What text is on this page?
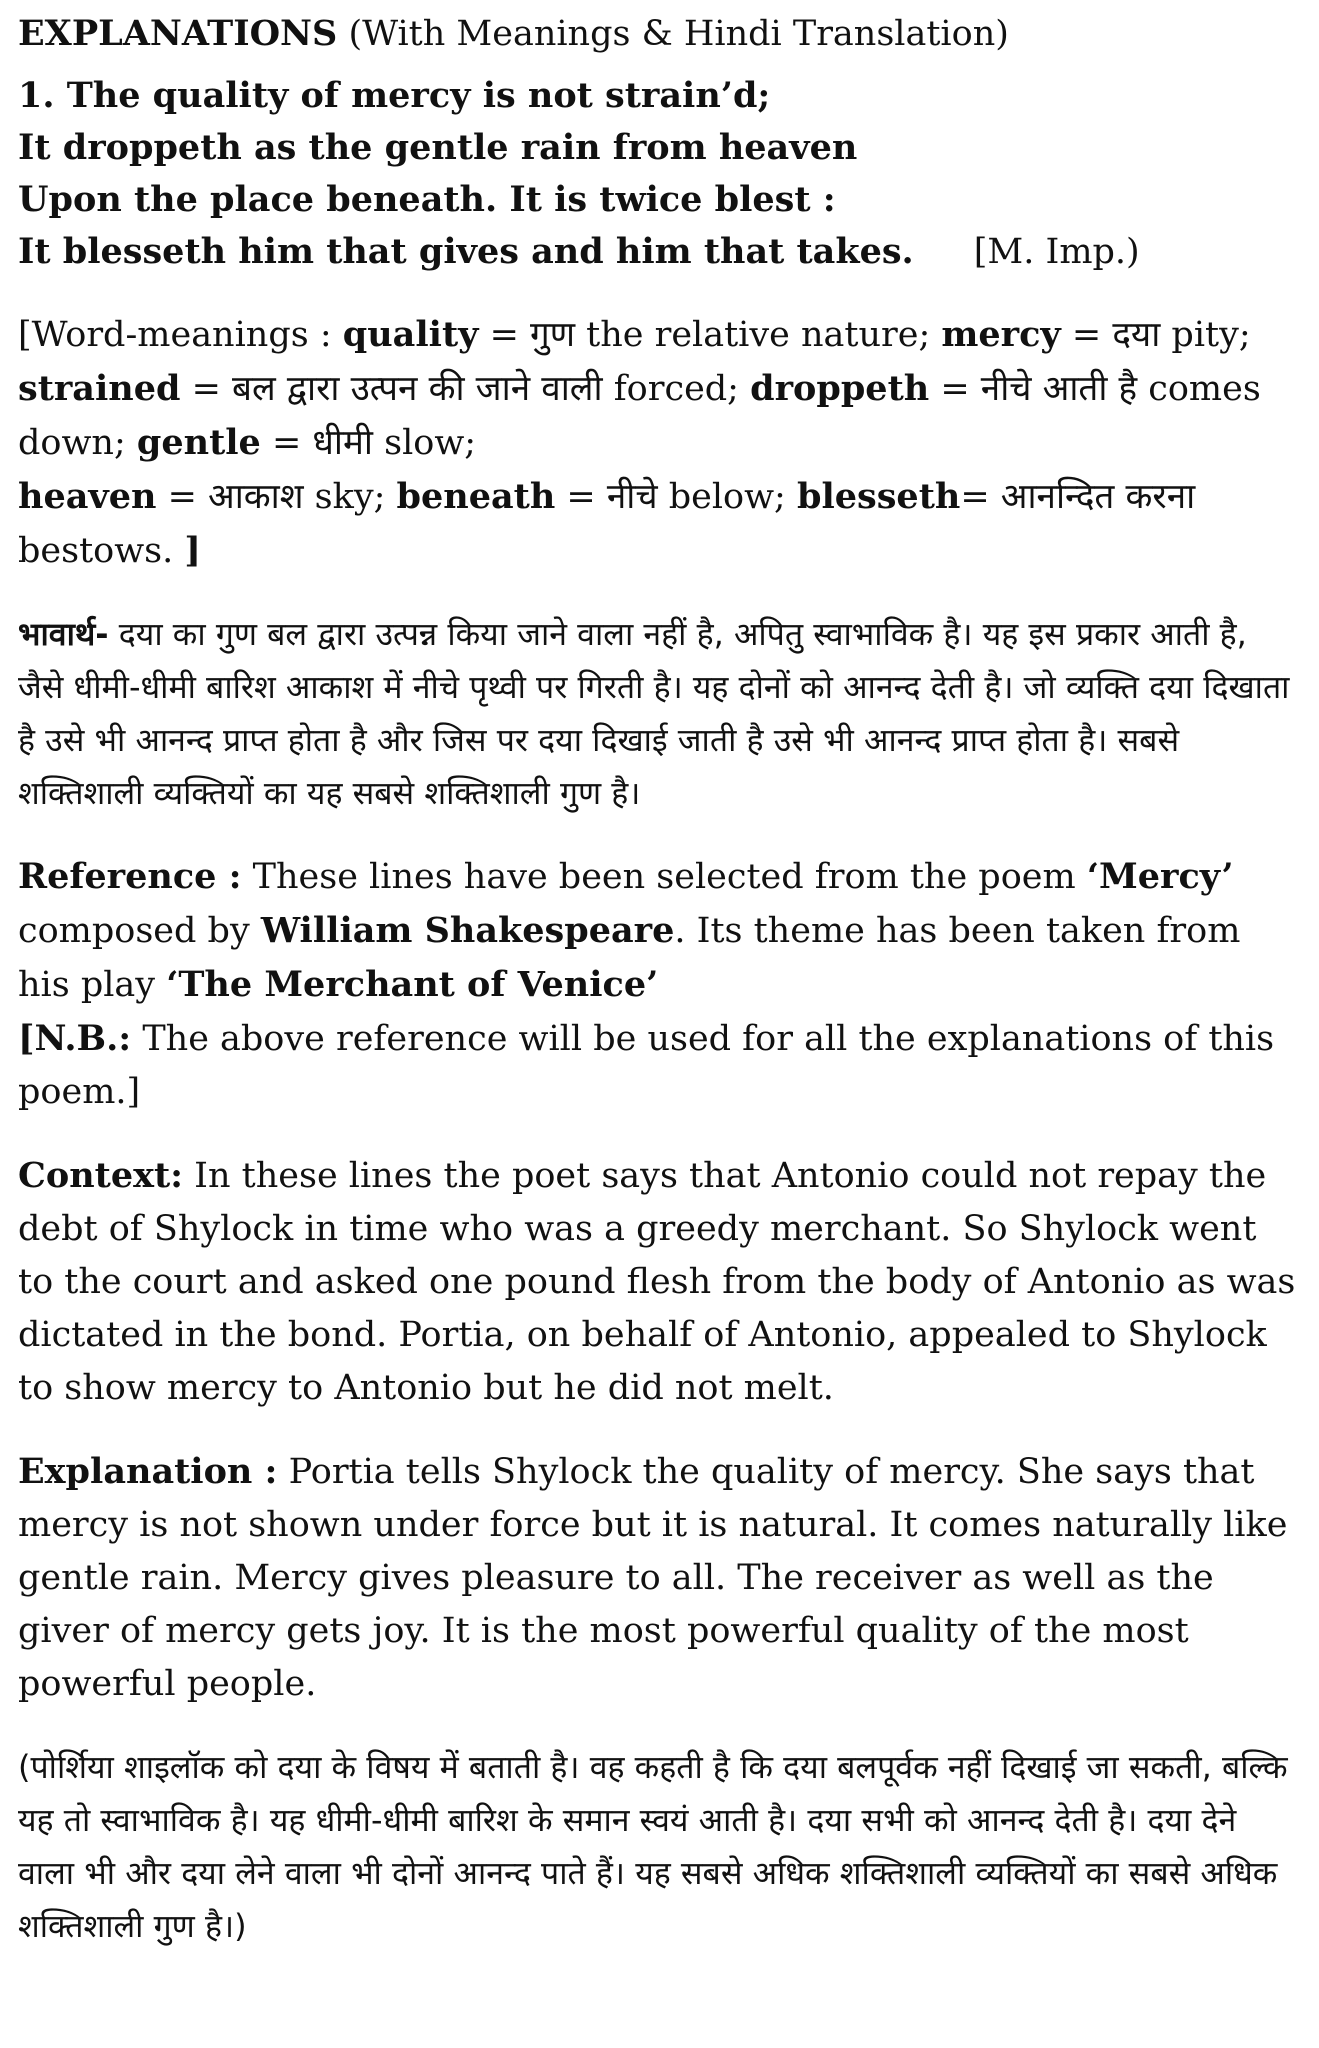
EXPLANATIONS (With Meanings & Hindi Translation)
1. The quality of mercy is not strain’d;
It droppeth as the gentle rain from heaven
Upon the place beneath. It is twice blest :
It blesseth him that gives and him that takes. [M. Imp.)
[Word-meanings : quality = गुण the relative nature; mercy = दया pity;
strained = बल द्वारा उत्पन की जाने वाली forced; droppeth = नीचे आती है comes down; gentle = धीमी slow;
heaven = आकाश sky; beneath = नीचे below; blesseth= आनन्दित करना bestows. ]
भावार्थ- दया का गुण बल द्वारा उत्पन्न किया जाने वाला नहीं है, अपितु स्वाभाविक है। यह इस प्रकार आती है, जैसे धीमी-धीमी बारिश आकाश में नीचे पृथ्वी पर गिरती है। यह दोनों को आनन्द देती है। जो व्यक्ति दया दिखाता है उसे भी आनन्द प्राप्त होता है और जिस पर दया दिखाई जाती है उसे भी आनन्द प्राप्त होता है। सबसे शक्तिशाली व्यक्तियों का यह सबसे शक्तिशाली गुण है।
Reference : These lines have been selected from the poem ‘Mercy’ composed by William Shakespeare. Its theme has been taken from his play ‘The Merchant of Venice’
[N.B.: The above reference will be used for all the explanations of this poem.]
Context: In these lines the poet says that Antonio could not repay the debt of Shylock in time who was a greedy merchant. So Shylock went to the court and asked one pound flesh from the body of Antonio as was dictated in the bond. Portia, on behalf of Antonio, appealed to Shylock to show mercy to Antonio but he did not melt.
Explanation : Portia tells Shylock the quality of mercy. She says that mercy is not shown under force but it is natural. It comes naturally like gentle rain. Mercy gives pleasure to all. The receiver as well as the giver of mercy gets joy. It is the most powerful quality of the most powerful people.
(पोर्शिया शाइलॉक को दया के विषय में बताती है। वह कहती है कि दया बलपूर्वक नहीं दिखाई जा सकती, बल्कि यह तो स्वाभाविक है। यह धीमी-धीमी बारिश के समान स्वयं आती है। दया सभी को आनन्द देती है। दया देने वाला भी और दया लेने वाला भी दोनों आनन्द पाते हैं। यह सबसे अधिक शक्तिशाली व्यक्तियों का सबसे अधिक शक्तिशाली गुण है।)
